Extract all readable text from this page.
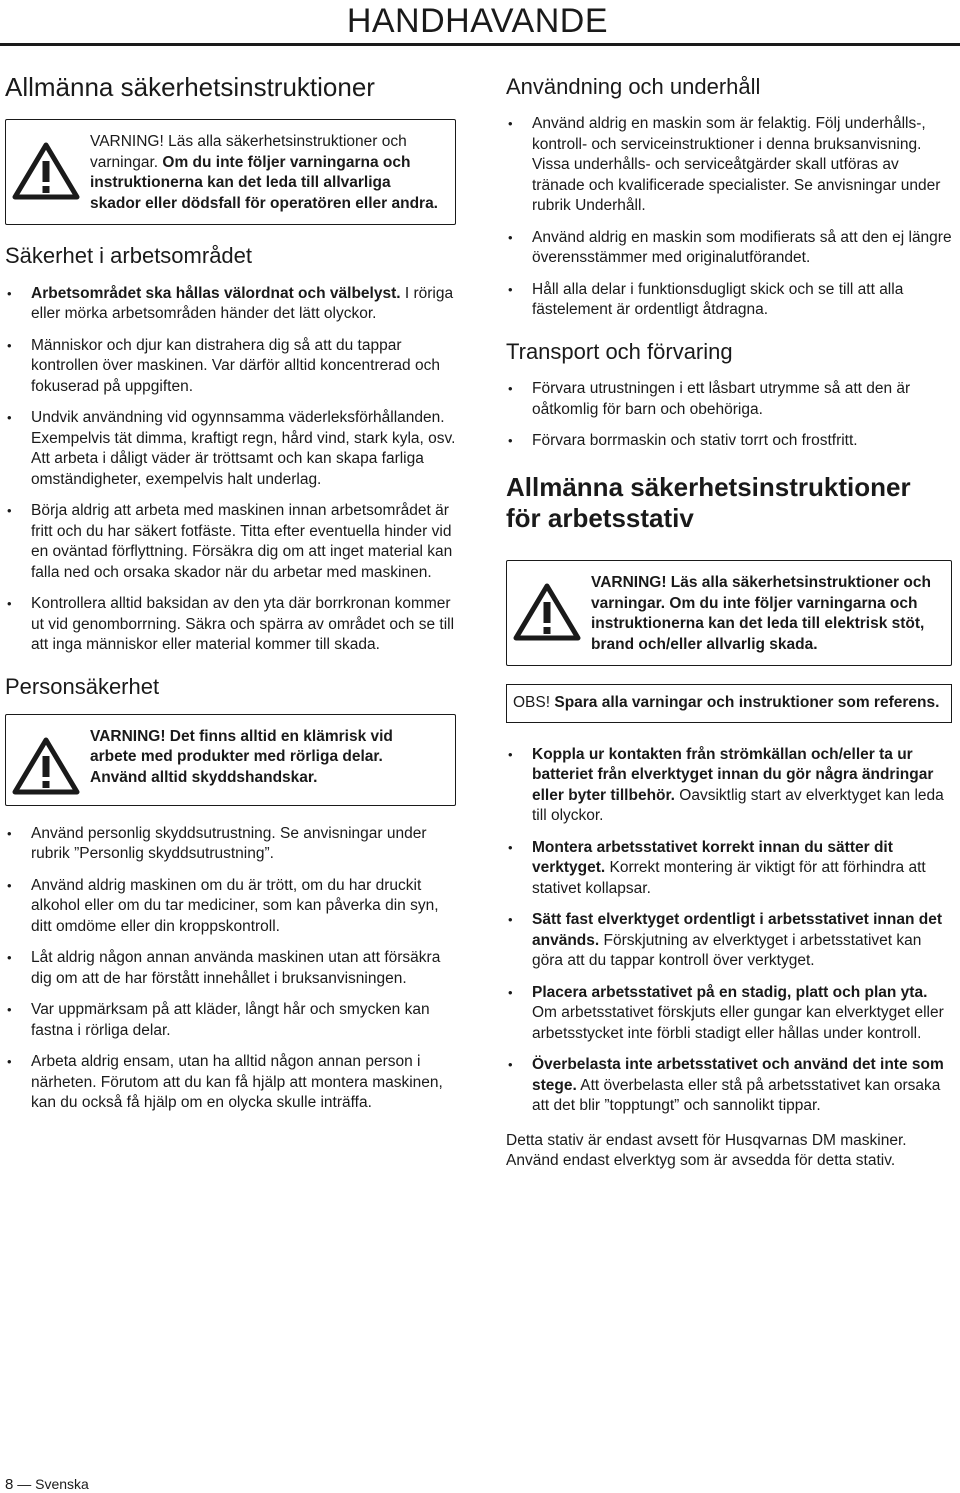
HANDHAVANDE
Allmänna säkerhetsinstruktioner
VARNING! Läs alla säkerhetsinstruktioner och varningar. Om du inte följer varningarna och instruktionerna kan det leda till allvarliga skador eller dödsfall för operatören eller andra.
Säkerhet i arbetsområdet
• Arbetsområdet ska hållas välordnat och välbelyst. I röriga eller mörka arbetsområden händer det lätt olyckor.
• Människor och djur kan distrahera dig så att du tappar kontrollen över maskinen. Var därför alltid koncentrerad och fokuserad på uppgiften.
• Undvik användning vid ogynnsamma väderleksförhållanden. Exempelvis tät dimma, kraftigt regn, hård vind, stark kyla, osv. Att arbeta i dåligt väder är tröttsamt och kan skapa farliga omständigheter, exempelvis halt underlag.
• Börja aldrig att arbeta med maskinen innan arbetsområdet är fritt och du har säkert fotfäste. Titta efter eventuella hinder vid en oväntad förflyttning. Försäkra dig om att inget material kan falla ned och orsaka skador när du arbetar med maskinen.
• Kontrollera alltid baksidan av den yta där borrkronan kommer ut vid genomborrning. Säkra och spärra av området och se till att inga människor eller material kommer till skada.
Personsäkerhet
VARNING! Det finns alltid en klämrisk vid arbete med produkter med rörliga delar. Använd alltid skyddshandskar.
• Använd personlig skyddsutrustning. Se anvisningar under rubrik ”Personlig skyddsutrustning”.
• Använd aldrig maskinen om du är trött, om du har druckit alkohol eller om du tar mediciner, som kan påverka din syn, ditt omdöme eller din kroppskontroll.
• Låt aldrig någon annan använda maskinen utan att försäkra dig om att de har förstått innehållet i bruksanvisningen.
• Var uppmärksam på att kläder, långt hår och smycken kan fastna i rörliga delar.
• Arbeta aldrig ensam, utan ha alltid någon annan person i närheten. Förutom att du kan få hjälp att montera maskinen, kan du också få hjälp om en olycka skulle inträffa.
Användning och underhåll
• Använd aldrig en maskin som är felaktig. Följ underhålls-, kontroll- och serviceinstruktioner i denna bruksanvisning. Vissa underhålls- och serviceåtgärder skall utföras av tränade och kvalificerade specialister. Se anvisningar under rubrik Underhåll.
• Använd aldrig en maskin som modifierats så att den ej längre överensstämmer med originalutförandet.
• Håll alla delar i funktionsdugligt skick och se till att alla fästelement är ordentligt åtdragna.
Transport och förvaring
• Förvara utrustningen i ett låsbart utrymme så att den är oåtkomlig för barn och obehöriga.
• Förvara borrmaskin och stativ torrt och frostfritt.
Allmänna säkerhetsinstruktioner för arbetsstativ
VARNING! Läs alla säkerhetsinstruktioner och varningar. Om du inte följer varningarna och instruktionerna kan det leda till elektrisk stöt, brand och/eller allvarlig skada.
OBS! Spara alla varningar och instruktioner som referens.
• Koppla ur kontakten från strömkällan och/eller ta ur batteriet från elverktyget innan du gör några ändringar eller byter tillbehör. Oavsiktlig start av elverktyget kan leda till olyckor.
• Montera arbetsstativet korrekt innan du sätter dit verktyget. Korrekt montering är viktigt för att förhindra att stativet kollapsar.
• Sätt fast elverktyget ordentligt i arbetsstativet innan det används. Förskjutning av elverktyget i arbetsstativet kan göra att du tappar kontroll över verktyget.
• Placera arbetsstativet på en stadig, platt och plan yta. Om arbetsstativet förskjuts eller gungar kan elverktyget eller arbetsstycket inte förbli stadigt eller hållas under kontroll.
• Överbelasta inte arbetsstativet och använd det inte som stege. Att överbelasta eller stå på arbetsstativet kan orsaka att det blir ”topptungt” och sannolikt tippar.

Detta stativ är endast avsett för Husqvarnas DM maskiner. Använd endast elverktyg som är avsedda för detta stativ.

8 — Svenska
